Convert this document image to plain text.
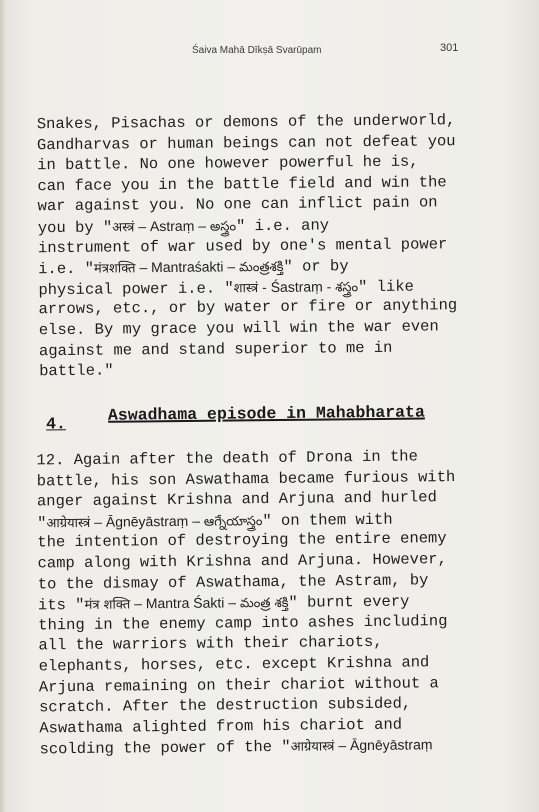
Śaiva Mahā Dīkṣā Svarūpam	301
Snakes, Pisachas or demons of the underworld,
Gandharvas or human beings can not defeat you
in battle. No one however powerful he is,
can face you in the battle field and win the
war against you. No one can inflict pain on
you by "अस्त्रं – Astraṃ – అస్త్రం" i.e. any
instrument of war used by one's mental power
i.e. "मंत्रशक्ति – Mantraśakti – మంత్రశక్తి" or by
physical power i.e. "शास्त्रं - Śastraṃ - శస్త్రం" like
arrows, etc., or by water or fire or anything
else. By my grace you will win the war even
against me and stand superior to me in
battle."
4.	Aswadhama episode in Mahabharata
12. Again after the death of Drona in the
battle, his son Aswathama became furious with
anger against Krishna and Arjuna and hurled
"आग्रेयास्त्रं – Āgnēyāstraṃ – ఆగ్నేయాస్త్రం" on them with
the intention of destroying the entire enemy
camp along with Krishna and Arjuna. However,
to the dismay of Aswathama, the Astram, by
its "मंत्र शक्ति – Mantra Śakti – మంత్ర శక్తి" burnt every
thing in the enemy camp into ashes including
all the warriors with their chariots,
elephants, horses, etc. except Krishna and
Arjuna remaining on their chariot without a
scratch. After the destruction subsided,
Aswathama alighted from his chariot and
scolding the power of the "आग्रेयास्त्रं – Āgnēyāstraṃ
